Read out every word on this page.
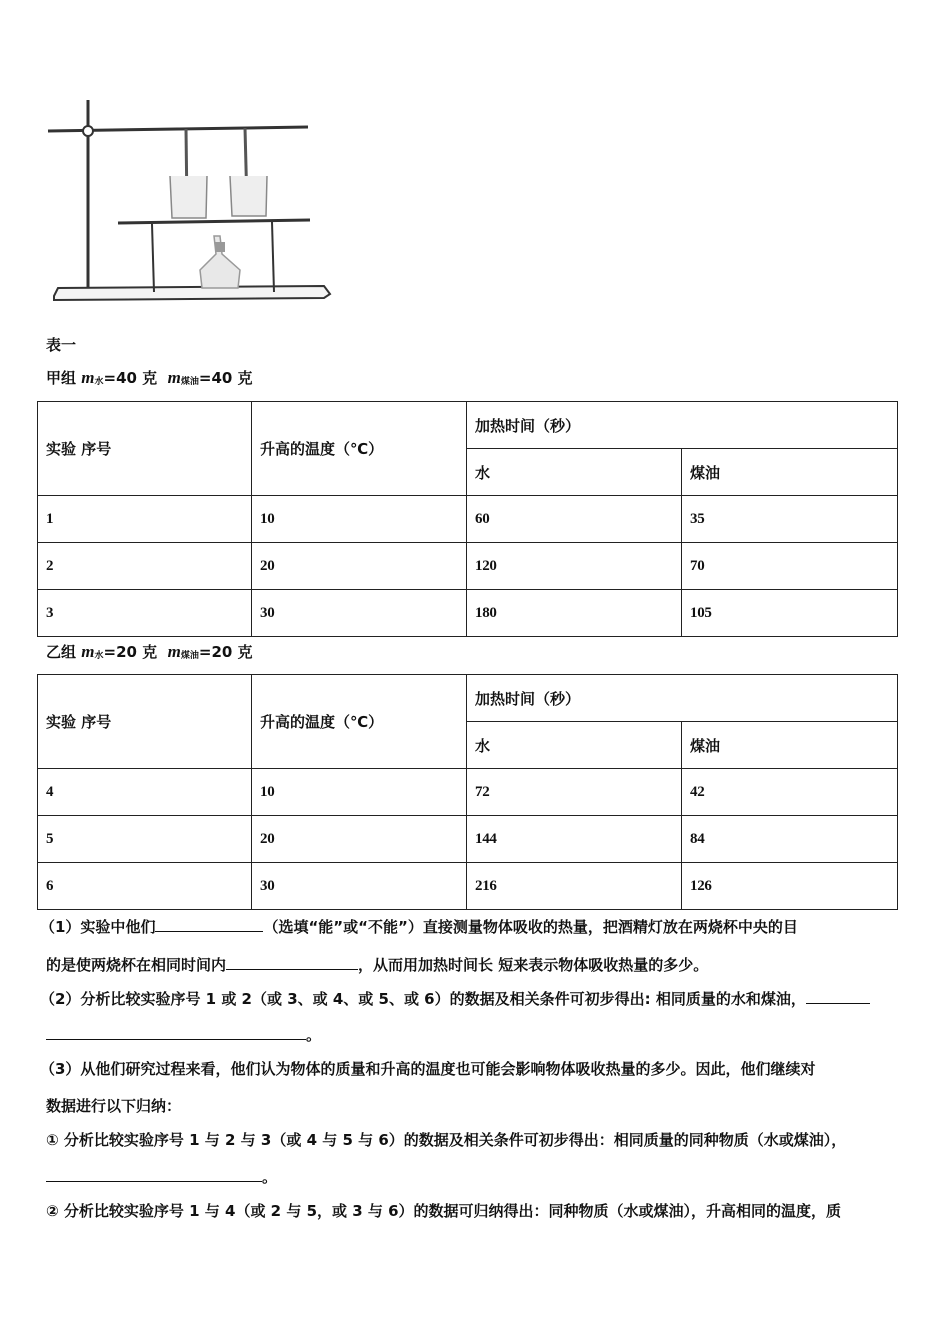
表一
甲组 $m_水=40$ 克 $m_{煤油}=40$ 克
实验 序号	升高的温度（℃）	加热时间（秒）	
		水	煤油
1	10	60	35
2	20	120	70
3	30	180	105
乙组 $m_水=20$ 克 $m_{煤油}=20$ 克
实验 序号	升高的温度（℃）	加热时间（秒）	
		水	煤油
4	10	72	42
5	20	144	84
6	30	216	126
（1）实验中他们	（选填“能”或“不能”）直接测量物体吸收的热量，把酒精灯放在两烧杯中央的目
的是使两烧杯在相同时间内	，从而用加热时间长 短来表示物体吸收热量的多少。
（2）分析比较实验序号 1 或 2（或 3、或 4、或 5、或 6）的数据及相关条件可初步得出: 相同质量的水和煤油，
。
（3）从他们研究过程来看，他们认为物体的质量和升高的温度也可能会影响物体吸收热量的多少。因此，他们继续对
数据进行以下归纳：
① 分析比较实验序号 1 与 2 与 3（或 4 与 5 与 6）的数据及相关条件可初步得出：相同质量的同种物质（水或煤油），
。
② 分析比较实验序号 1 与 4（或 2 与 5，或 3 与 6）的数据可归纳得出：同种物质（水或煤油），升高相同的温度，质
